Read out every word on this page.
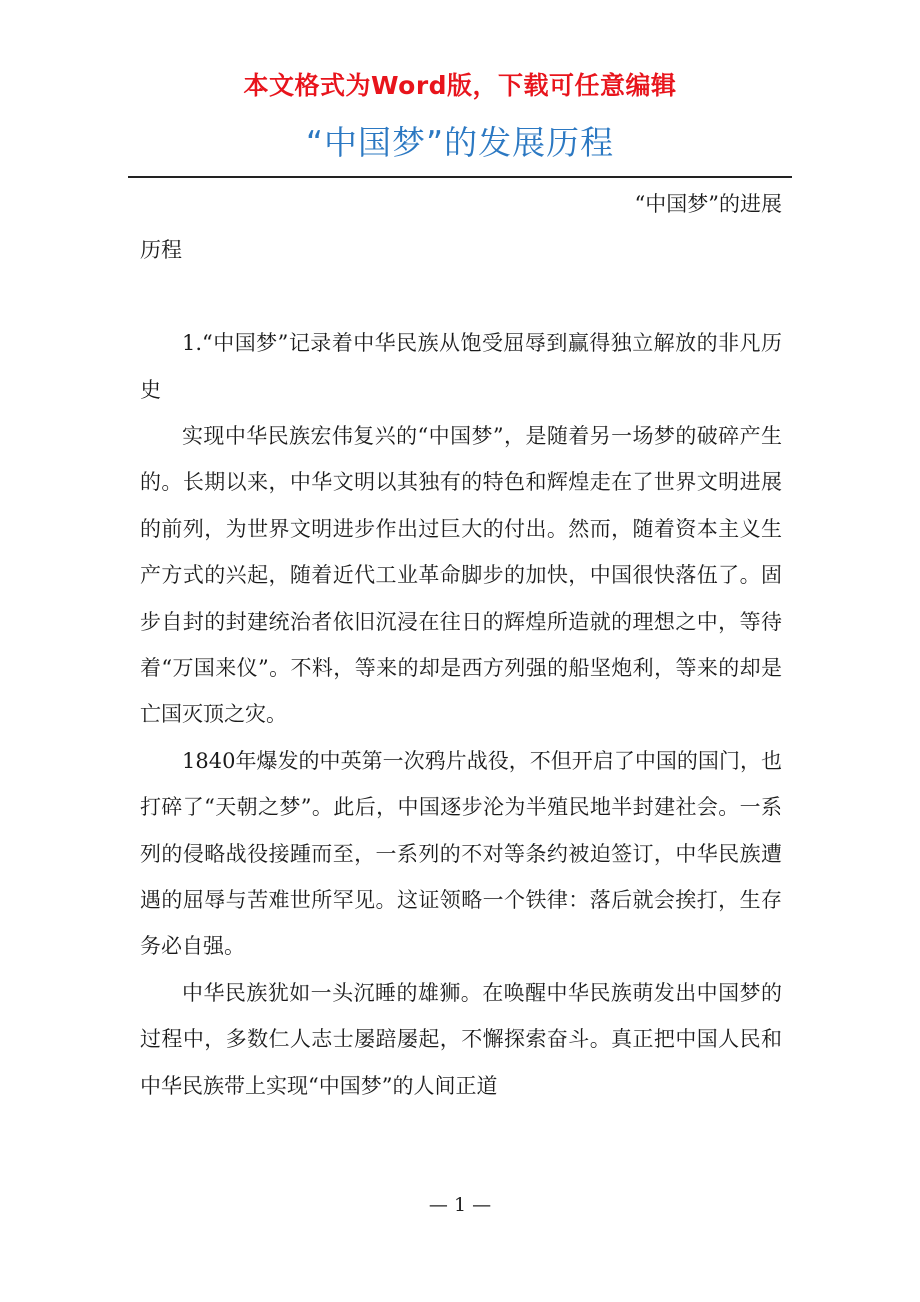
本文格式为Word版，下载可任意编辑
“中国梦”的发展历程

“中国梦”的进展
历程

1.“中国梦”记录着中华民族从饱受屈辱到赢得独立解放的非凡历史

实现中华民族宏伟复兴的“中国梦”，是随着另一场梦的破碎产生的。长期以来，中华文明以其独有的特色和辉煌走在了世界文明进展的前列，为世界文明进步作出过巨大的付出。然而，随着资本主义生产方式的兴起，随着近代工业革命脚步的加快，中国很快落伍了。固步自封的封建统治者依旧沉浸在往日的辉煌所造就的理想之中，等待着“万国来仪”。不料，等来的却是西方列强的船坚炮利，等来的却是亡国灭顶之灾。

1840年爆发的中英第一次鸦片战役，不但开启了中国的国门，也打碎了“天朝之梦”。此后，中国逐步沦为半殖民地半封建社会。一系列的侵略战役接踵而至，一系列的不对等条约被迫签订，中华民族遭遇的屈辱与苦难世所罕见。这证领略一个铁律：落后就会挨打，生存务必自强。

中华民族犹如一头沉睡的雄狮。在唤醒中华民族萌发出中国梦的过程中，多数仁人志士屡踣屡起，不懈探索奋斗。真正把中国人民和中华民族带上实现“中国梦”的人间正道

— 1 —
